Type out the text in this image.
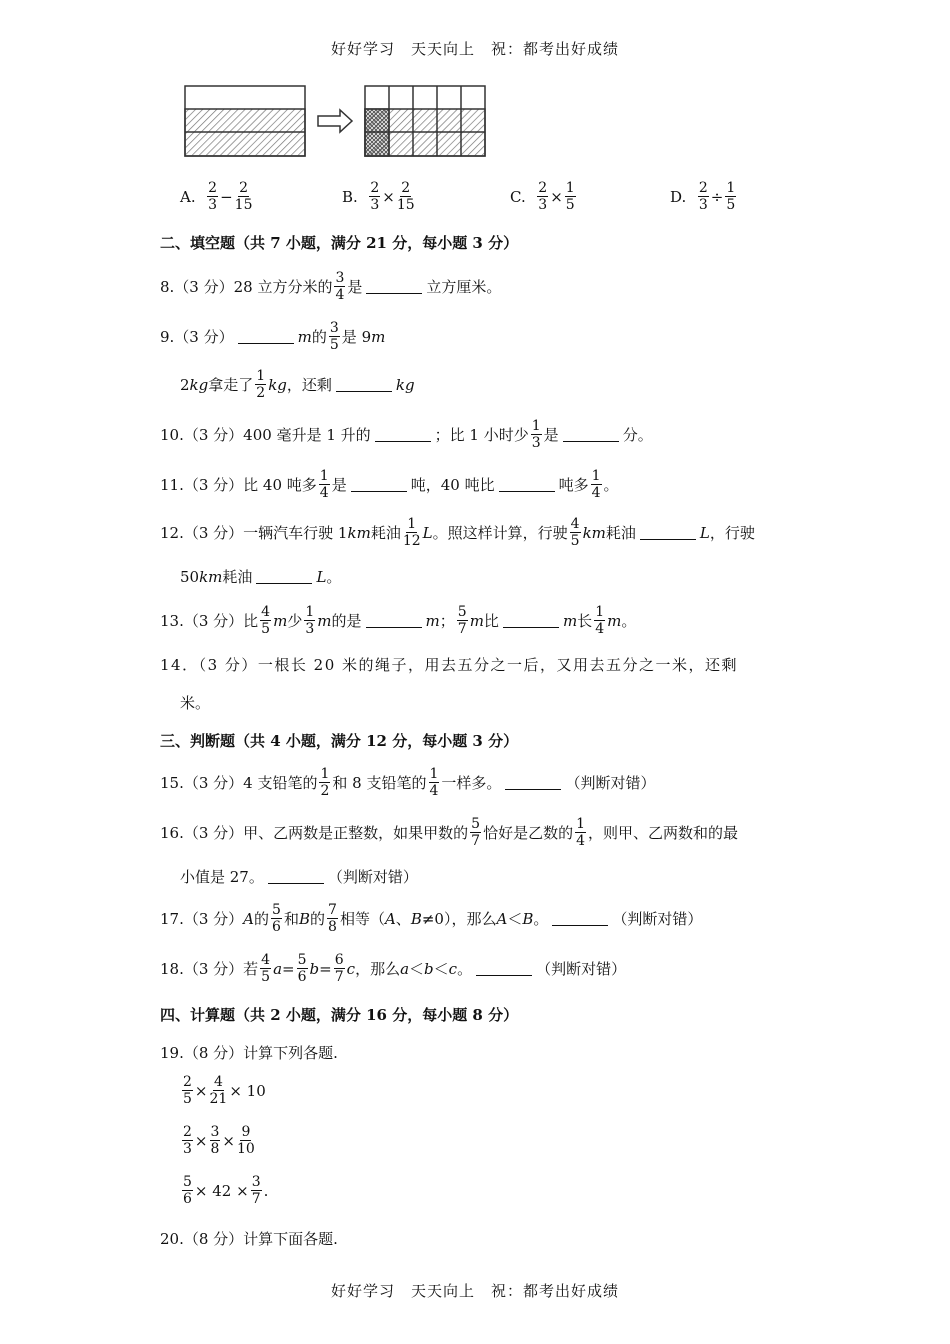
好好学习　天天向上　祝：都考出好成绩
A.
$\frac{2}{3} - \frac{2}{15}$	B.
$\frac{2}{3} \times \frac{2}{15}$	C.
$\frac{2}{3} \times \frac{1}{5}$	D.
$\frac{2}{3} \div \frac{1}{5}$
二、填空题（共 7 小题，满分 21 分，每小题 3 分）
8.（3 分）28 立方分米的 $\frac{3}{4}$ 是	立方厘米。
9.（3 分）	m 的 $\frac{3}{5}$ 是 9 m
2 kg 拿走了 $\frac{1}{2}$ kg ，还剩	kg
10.（3 分）400 毫升是 1 升的	；比 1 小时少 $\frac{1}{3}$ 是	分。
11.（3 分）比 40 吨多 $\frac{1}{4}$ 是	吨，40 吨比	吨多 $\frac{1}{4}$ 。
12.（3 分）一辆汽车行驶 1 km 耗油 $\frac{1}{12}$ L 。照这样计算，行驶 $\frac{4}{5}$ km 耗油	L ，行驶
50 km 耗油	L 。
13.（3 分）比 $\frac{4}{5}$ m 少 $\frac{1}{3}$ m 的是	m ； $\frac{5}{7}$ m 比	m 长 $\frac{1}{4}$ m 。
14．（3 分）一根长 20 米的绳子，用去五分之一后，又用去五分之一米，还剩
米。
三、判断题（共 4 小题，满分 12 分，每小题 3 分）
15.（3 分）4 支铅笔的 $\frac{1}{2}$ 和 8 支铅笔的 $\frac{1}{4}$ 一样多。	（判断对错）
16.（3 分）甲、乙两数是正整数，如果甲数的 $\frac{5}{7}$ 恰好是乙数的 $\frac{1}{4}$ ，则甲、乙两数和的最
小值是 27。	（判断对错）
17.（3 分） A 的 $\frac{5}{6}$ 和 B 的 $\frac{7}{8}$ 相等（ A 、 B ≠0），那么 A ＜ B 。	（判断对错）
18.（3 分）若 $\frac{4}{5}$ $a = \frac{5}{6}$ $b = \frac{6}{7}$ c ，那么 a ＜ b ＜ c 。	（判断对错）
四、计算题（共 2 小题，满分 16 分，每小题 8 分）
19.（8 分）计算下列各题.
$\frac{2}{5} \times \frac{4}{21} \times 10$
$\frac{2}{3} \times \frac{3}{8} \times \frac{9}{10}$
$\frac{5}{6} \times 42 \times \frac{3}{7}$ .
20.（8 分）计算下面各题.
好好学习　天天向上　祝：都考出好成绩
